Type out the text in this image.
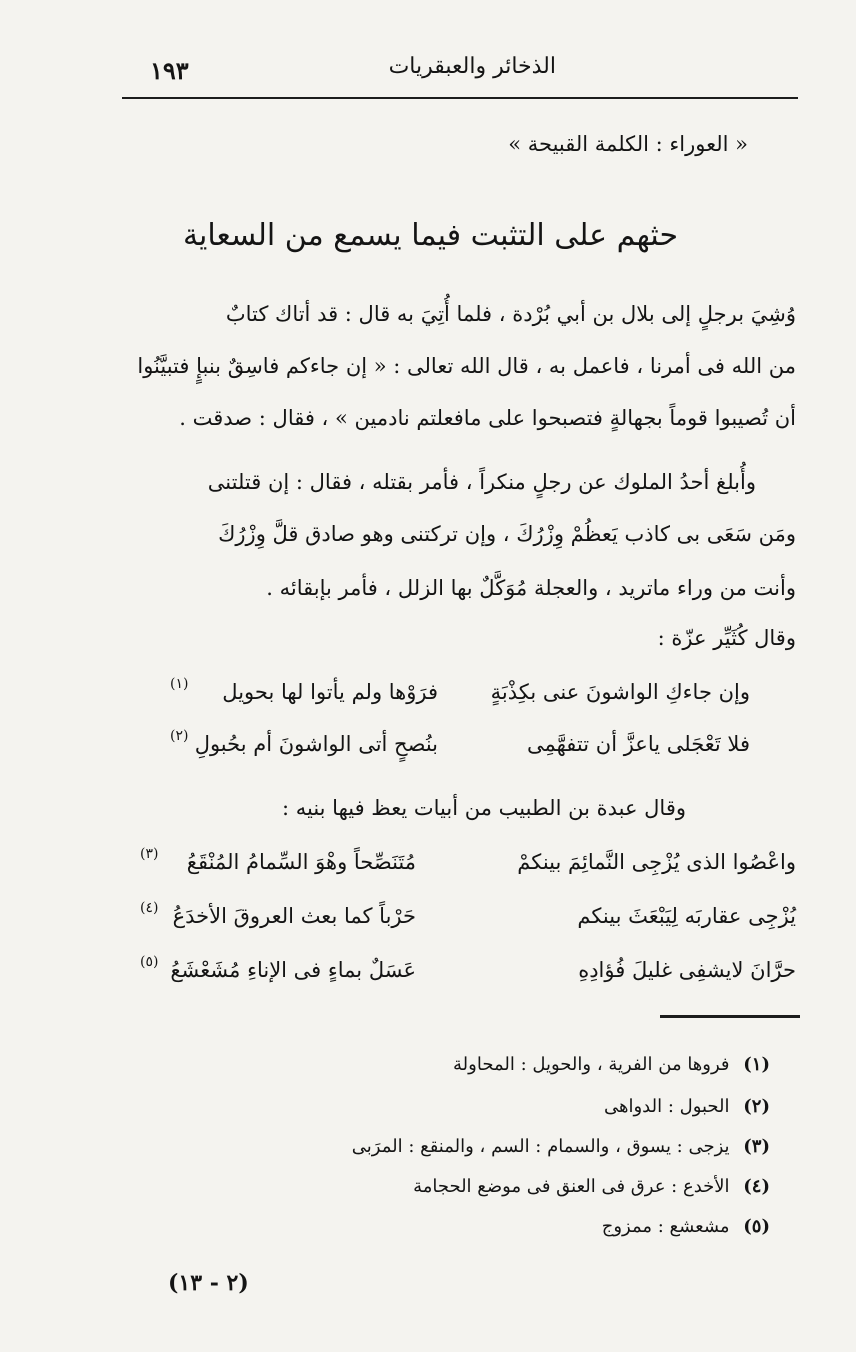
الذخائر والعبقريات
١٩٣
« العوراء : الكلمة القبيحة »
حثهم على التثبت فيما يسمع من السعاية
وُشِيَ برجلٍ إلى بلال بن أبي بُرْدة ، فلما أُتِيَ به قال : قد أتاك كتابٌ
من الله فى أمرنا ، فاعمل به ، قال الله تعالى : « إن جاءكم فاسِقٌ بنبإٍ فتبيَّنُوا
أن تُصيبوا قوماً بجهالةٍ فتصبحوا على مافعلتم نادمين » ، فقال : صدقت .
وأُبلغ أحدُ الملوك عن رجلٍ منكراً ، فأمر بقتله ، فقال : إن قتلتنى
ومَن سَعَى بى كاذب يَعظُمْ وِزْرُكَ ، وإن تركتنى وهو صادق قلَّ وِزْرُكَ
وأنت من وراء ماتريد ، والعجلة مُوَكَّلٌ بها الزلل ، فأمر بإبقائه .
وقال كُثَيِّر عزّة :
وإن جاءكِ الواشونَ عنى بكِذْبَةٍ
فرَوْها ولم يأتوا لها بحويل
(١)
فلا تَعْجَلى ياعزَّ أن تتفهَّمِى
بنُصحٍ أتى الواشونَ أم بحُبولِ
(٢)
وقال عبدة بن الطبيب من أبيات يعظ فيها بنيه :
واعْصُوا الذى يُزْجِى النَّمائِمَ بينكمْ
مُتَنَصِّحاً وهْوَ السِّمامُ المُنْقَعُ
(٣)
يُزْجِى عقاربَه لِيَبْعَثَ بينكم
حَرْباً كما بعث العروقَ الأخدَعُ
(٤)
حرَّانَ لايشفِى غليلَ فُؤادِهِ
عَسَلٌ بماءٍ فى الإناءِ مُشَعْشَعُ
(٥)
(١) فروها من الفرية ، والحويل : المحاولة
(٢) الحبول : الدواهى
(٣) يزجى : يسوق ، والسمام : السم ، والمنقع : المرَبى
(٤) الأخدع : عرق فى العنق فى موضع الحجامة
(٥) مشعشع : ممزوج
(٢ - ١٣)
